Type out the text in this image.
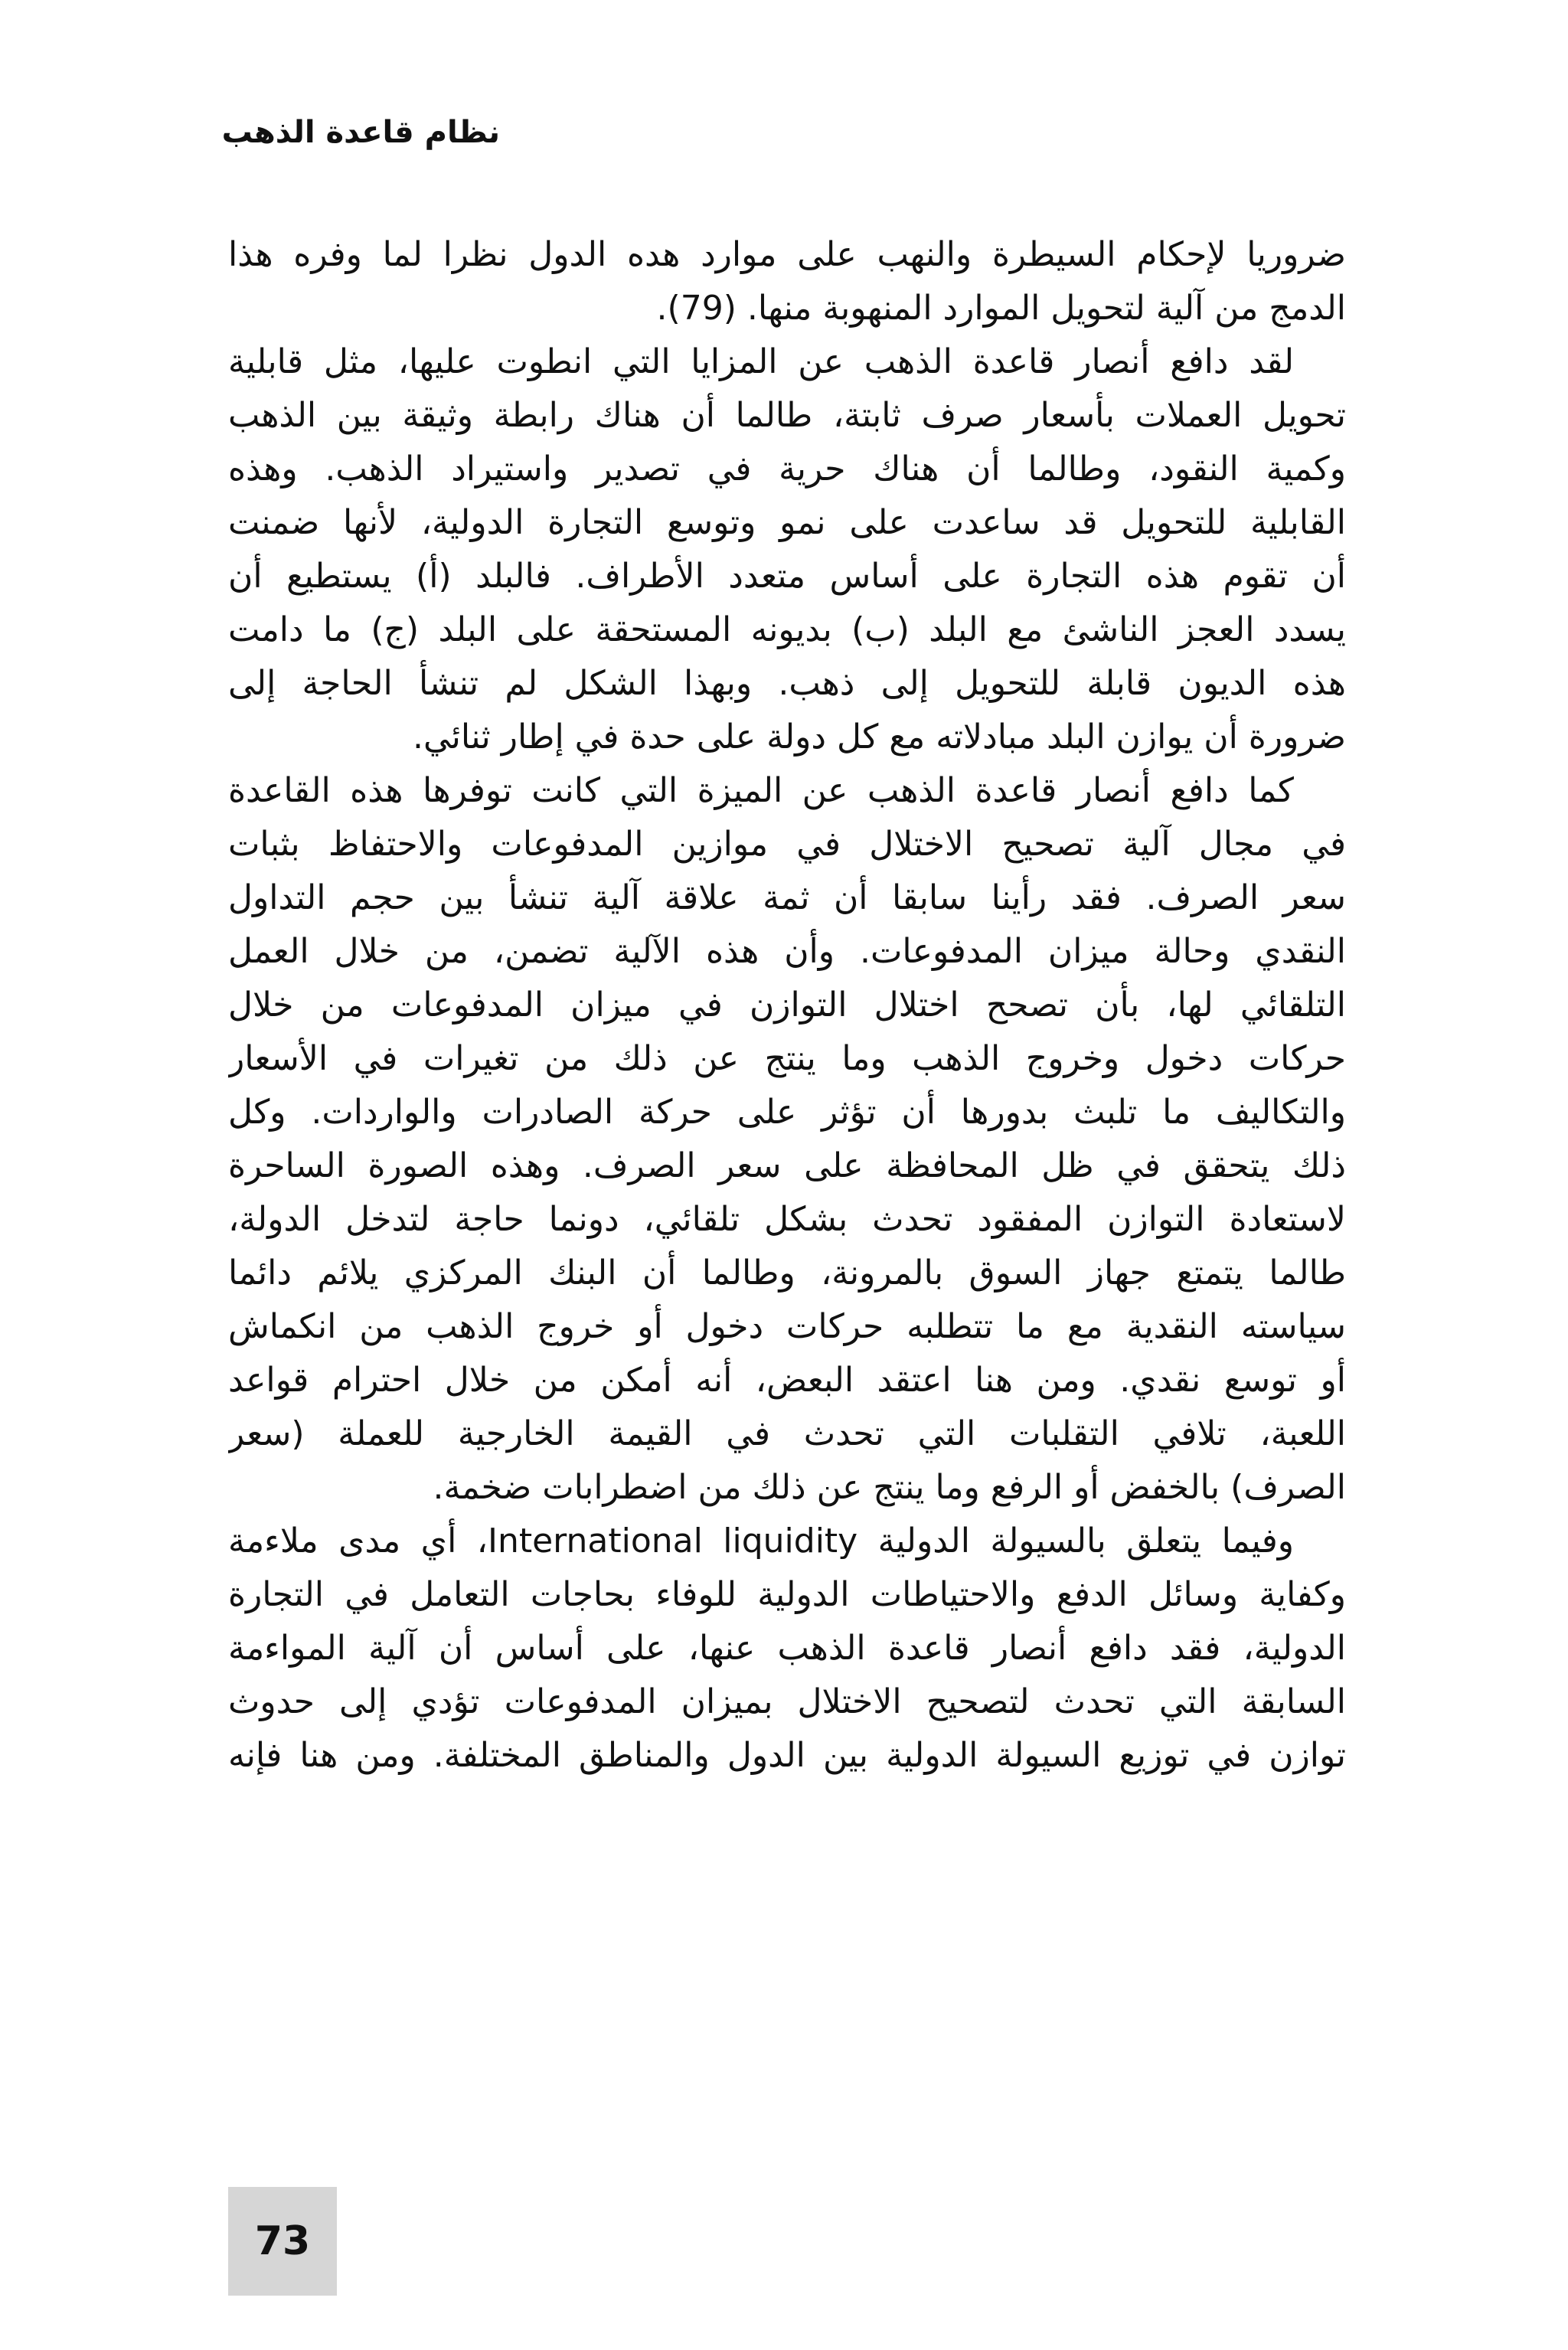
نظام قاعدة الذهب
ضروريا لإحكام السيطرة والنهب على موارد هده الدول نظرا لما وفره هذا
الدمج من آلية لتحويل الموارد المنهوبة منها. (79).
لقد دافع أنصار قاعدة الذهب عن المزايا التي انطوت عليها، مثل قابلية
تحويل العملات بأسعار صرف ثابتة، طالما أن هناك رابطة وثيقة بين الذهب
وكمية النقود، وطالما أن هناك حرية في تصدير واستيراد الذهب. وهذه
القابلية للتحويل قد ساعدت على نمو وتوسع التجارة الدولية، لأنها ضمنت
أن تقوم هذه التجارة على أساس متعدد الأطراف. فالبلد (أ) يستطيع أن
يسدد العجز الناشئ مع البلد (ب) بديونه المستحقة على البلد (ج) ما دامت
هذه الديون قابلة للتحويل إلى ذهب. وبهذا الشكل لم تنشأ الحاجة إلى
ضرورة أن يوازن البلد مبادلاته مع كل دولة على حدة في إطار ثنائي.
كما دافع أنصار قاعدة الذهب عن الميزة التي كانت توفرها هذه القاعدة
في مجال آلية تصحيح الاختلال في موازين المدفوعات والاحتفاظ بثبات
سعر الصرف. فقد رأينا سابقا أن ثمة علاقة آلية تنشأ بين حجم التداول
النقدي وحالة ميزان المدفوعات. وأن هذه الآلية تضمن، من خلال العمل
التلقائي لها، بأن تصحح اختلال التوازن في ميزان المدفوعات من خلال
حركات دخول وخروج الذهب وما ينتج عن ذلك من تغيرات في الأسعار
والتكاليف ما تلبث بدورها أن تؤثر على حركة الصادرات والواردات. وكل
ذلك يتحقق في ظل المحافظة على سعر الصرف. وهذه الصورة الساحرة
لاستعادة التوازن المفقود تحدث بشكل تلقائي، دونما حاجة لتدخل الدولة،
طالما يتمتع جهاز السوق بالمرونة، وطالما أن البنك المركزي يلائم دائما
سياسته النقدية مع ما تتطلبه حركات دخول أو خروج الذهب من انكماش
أو توسع نقدي. ومن هنا اعتقد البعض، أنه أمكن من خلال احترام قواعد
اللعبة، تلافي التقلبات التي تحدث في القيمة الخارجية للعملة (سعر
الصرف) بالخفض أو الرفع وما ينتج عن ذلك من اضطرابات ضخمة.
وفيما يتعلق بالسيولة الدولية International liquidity، أي مدى ملاءمة
وكفاية وسائل الدفع والاحتياطات الدولية للوفاء بحاجات التعامل في التجارة
الدولية، فقد دافع أنصار قاعدة الذهب عنها، على أساس أن آلية المواءمة
السابقة التي تحدث لتصحيح الاختلال بميزان المدفوعات تؤدي إلى حدوث
توازن في توزيع السيولة الدولية بين الدول والمناطق المختلفة. ومن هنا فإنه
73
